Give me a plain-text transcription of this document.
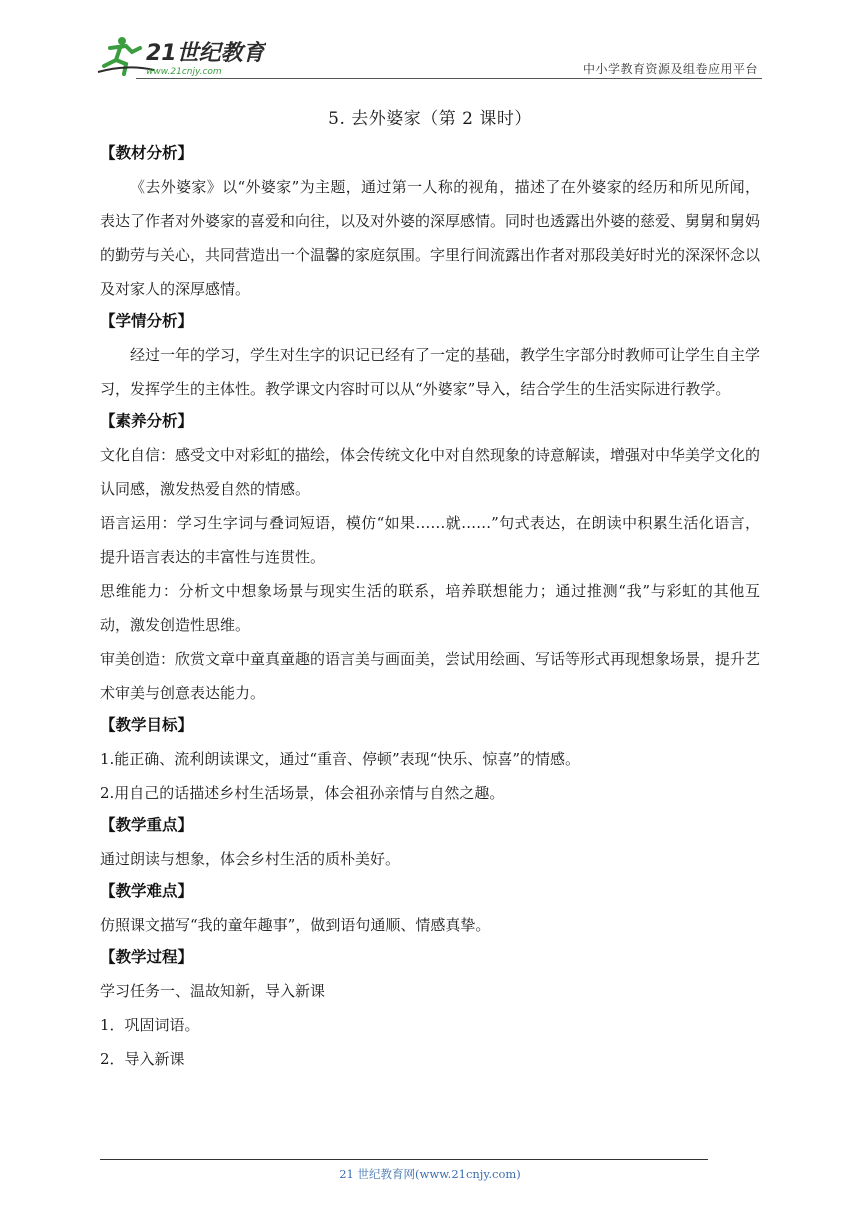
21世纪教育
www.21cnjy.com	中小学教育资源及组卷应用平台
5. 去外婆家（第 2 课时）
【教材分析】

《去外婆家》以“外婆家”为主题，通过第一人称的视角，描述了在外婆家的经历和所见所闻，表达了作者对外婆家的喜爱和向往，以及对外婆的深厚感情。同时也透露出外婆的慈爱、舅舅和舅妈的勤劳与关心，共同营造出一个温馨的家庭氛围。字里行间流露出作者对那段美好时光的深深怀念以及对家人的深厚感情。

【学情分析】

经过一年的学习，学生对生字的识记已经有了一定的基础，教学生字部分时教师可让学生自主学习，发挥学生的主体性。教学课文内容时可以从“外婆家”导入，结合学生的生活实际进行教学。

【素养分析】

文化自信：感受文中对彩虹的描绘，体会传统文化中对自然现象的诗意解读，增强对中华美学文化的认同感，激发热爱自然的情感。

语言运用：学习生字词与叠词短语，模仿“如果……就……”句式表达，在朗读中积累生活化语言，提升语言表达的丰富性与连贯性。

思维能力：分析文中想象场景与现实生活的联系，培养联想能力；通过推测“我”与彩虹的其他互动，激发创造性思维。

审美创造：欣赏文章中童真童趣的语言美与画面美，尝试用绘画、写话等形式再现想象场景，提升艺术审美与创意表达能力。

【教学目标】

1.能正确、流利朗读课文，通过“重音、停顿”表现“快乐、惊喜”的情感。

2.用自己的话描述乡村生活场景，体会祖孙亲情与自然之趣。

【教学重点】

通过朗读与想象，体会乡村生活的质朴美好。

【教学难点】

仿照课文描写“我的童年趣事”，做到语句通顺、情感真挚。

【教学过程】

学习任务一、温故知新，导入新课

1．巩固词语。

2．导入新课

21 世纪教育网(www.21cnjy.com)
